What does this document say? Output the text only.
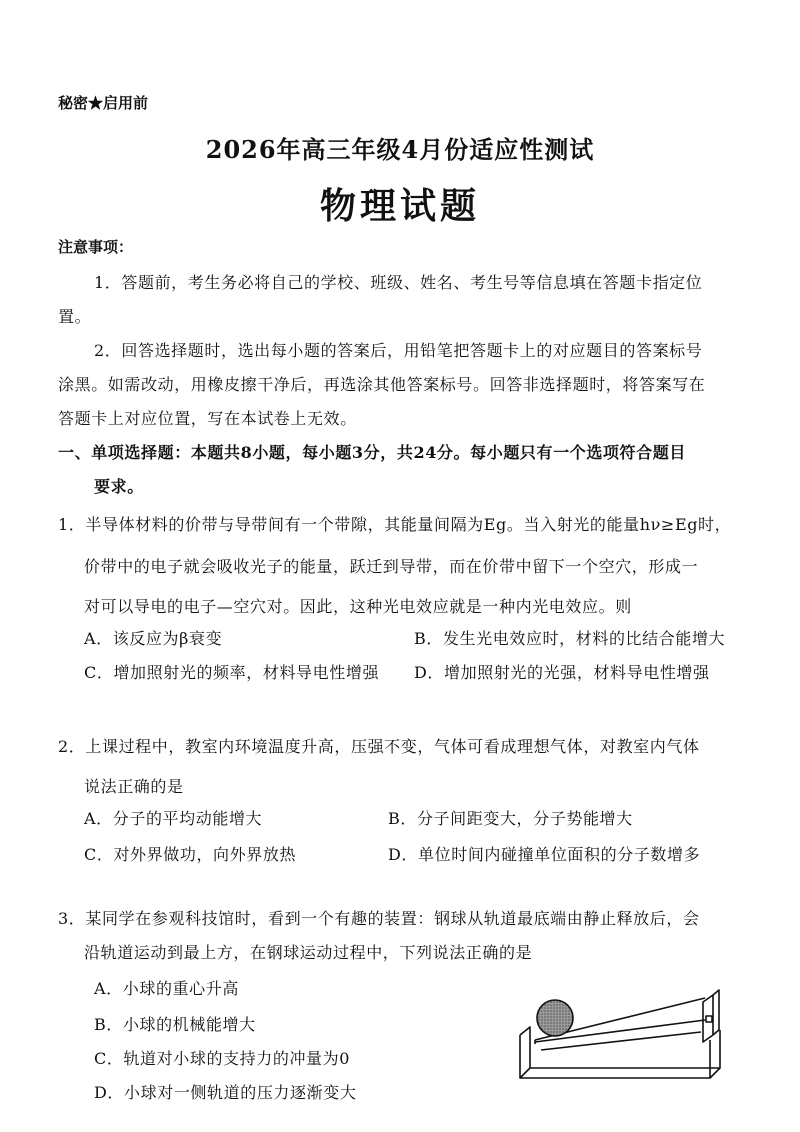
秘密★启用前
2026年高三年级4月份适应性测试
物理试题
注意事项：
1．答题前，考生务必将自己的学校、班级、姓名、考生号等信息填在答题卡指定位
置。
2．回答选择题时，选出每小题的答案后，用铅笔把答题卡上的对应题目的答案标号
涂黑。如需改动，用橡皮擦干净后，再选涂其他答案标号。回答非选择题时，将答案写在
答题卡上对应位置，写在本试卷上无效。
一、单项选择题：本题共8小题，每小题3分，共24分。每小题只有一个选项符合题目
要求。
1．半导体材料的价带与导带间有一个带隙，其能量间隔为Eg。当入射光的能量hν≥Eg时，
价带中的电子就会吸收光子的能量，跃迁到导带，而在价带中留下一个空穴，形成一
对可以导电的电子—空穴对。因此，这种光电效应就是一种内光电效应。则
A．该反应为β衰变	B．发生光电效应时，材料的比结合能增大
C．增加照射光的频率，材料导电性增强 D．增加照射光的光强，材料导电性增强
2．上课过程中，教室内环境温度升高，压强不变，气体可看成理想气体，对教室内气体
说法正确的是
A．分子的平均动能增大	B．分子间距变大，分子势能增大
C．对外界做功，向外界放热	D．单位时间内碰撞单位面积的分子数增多
3．某同学在参观科技馆时，看到一个有趣的装置：钢球从轨道最底端由静止释放后，会
沿轨道运动到最上方，在钢球运动过程中，下列说法正确的是
A．小球的重心升高
B．小球的机械能增大
C．轨道对小球的支持力的冲量为0
D．小球对一侧轨道的压力逐渐变大
